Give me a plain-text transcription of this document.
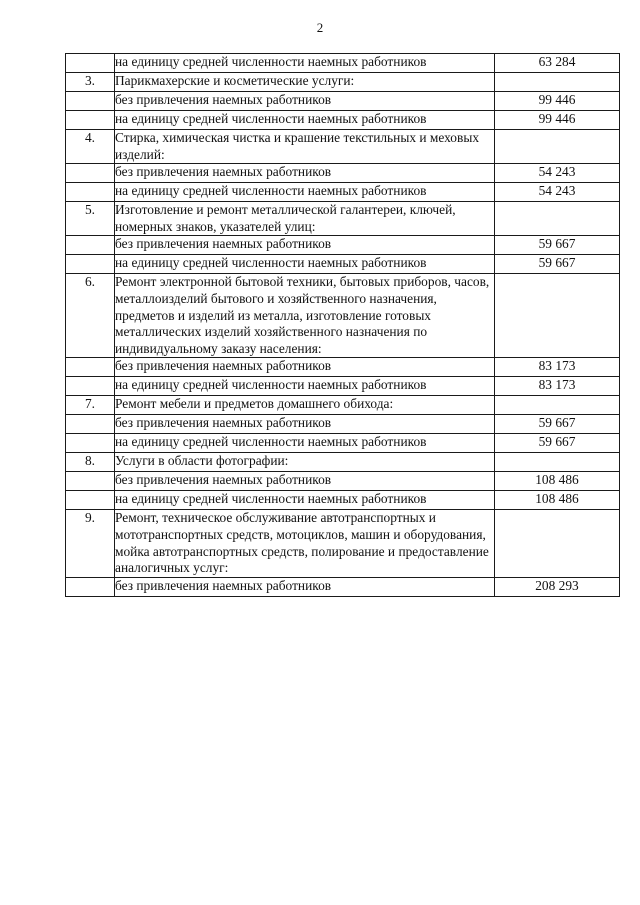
2
	на единицу средней численности наемных работников	63 284
3.	Парикмахерские и косметические услуги:	
	без привлечения наемных работников	99 446
	на единицу средней численности наемных работников	99 446
4.	Стирка, химическая чистка и крашение текстильных и меховых изделий:	
	без привлечения наемных работников	54 243
	на единицу средней численности наемных работников	54 243
5.	Изготовление и ремонт металлической галантереи, ключей, номерных знаков, указателей улиц:	
	без привлечения наемных работников	59 667
	на единицу средней численности наемных работников	59 667
6.	Ремонт электронной бытовой техники, бытовых приборов, часов, металлоизделий бытового и хозяйственного назначения, предметов и изделий из металла, изготовление готовых металлических изделий хозяйственного назначения по индивидуальному заказу населения:	
	без привлечения наемных работников	83 173
	на единицу средней численности наемных работников	83 173
7.	Ремонт мебели и предметов домашнего обихода:	
	без привлечения наемных работников	59 667
	на единицу средней численности наемных работников	59 667
8.	Услуги в области фотографии:	
	без привлечения наемных работников	108 486
	на единицу средней численности наемных работников	108 486
9.	Ремонт, техническое обслуживание автотранспортных и мототранспортных средств, мотоциклов, машин и оборудования, мойка автотранспортных средств, полирование и предоставление аналогичных услуг:	
	без привлечения наемных работников	208 293
